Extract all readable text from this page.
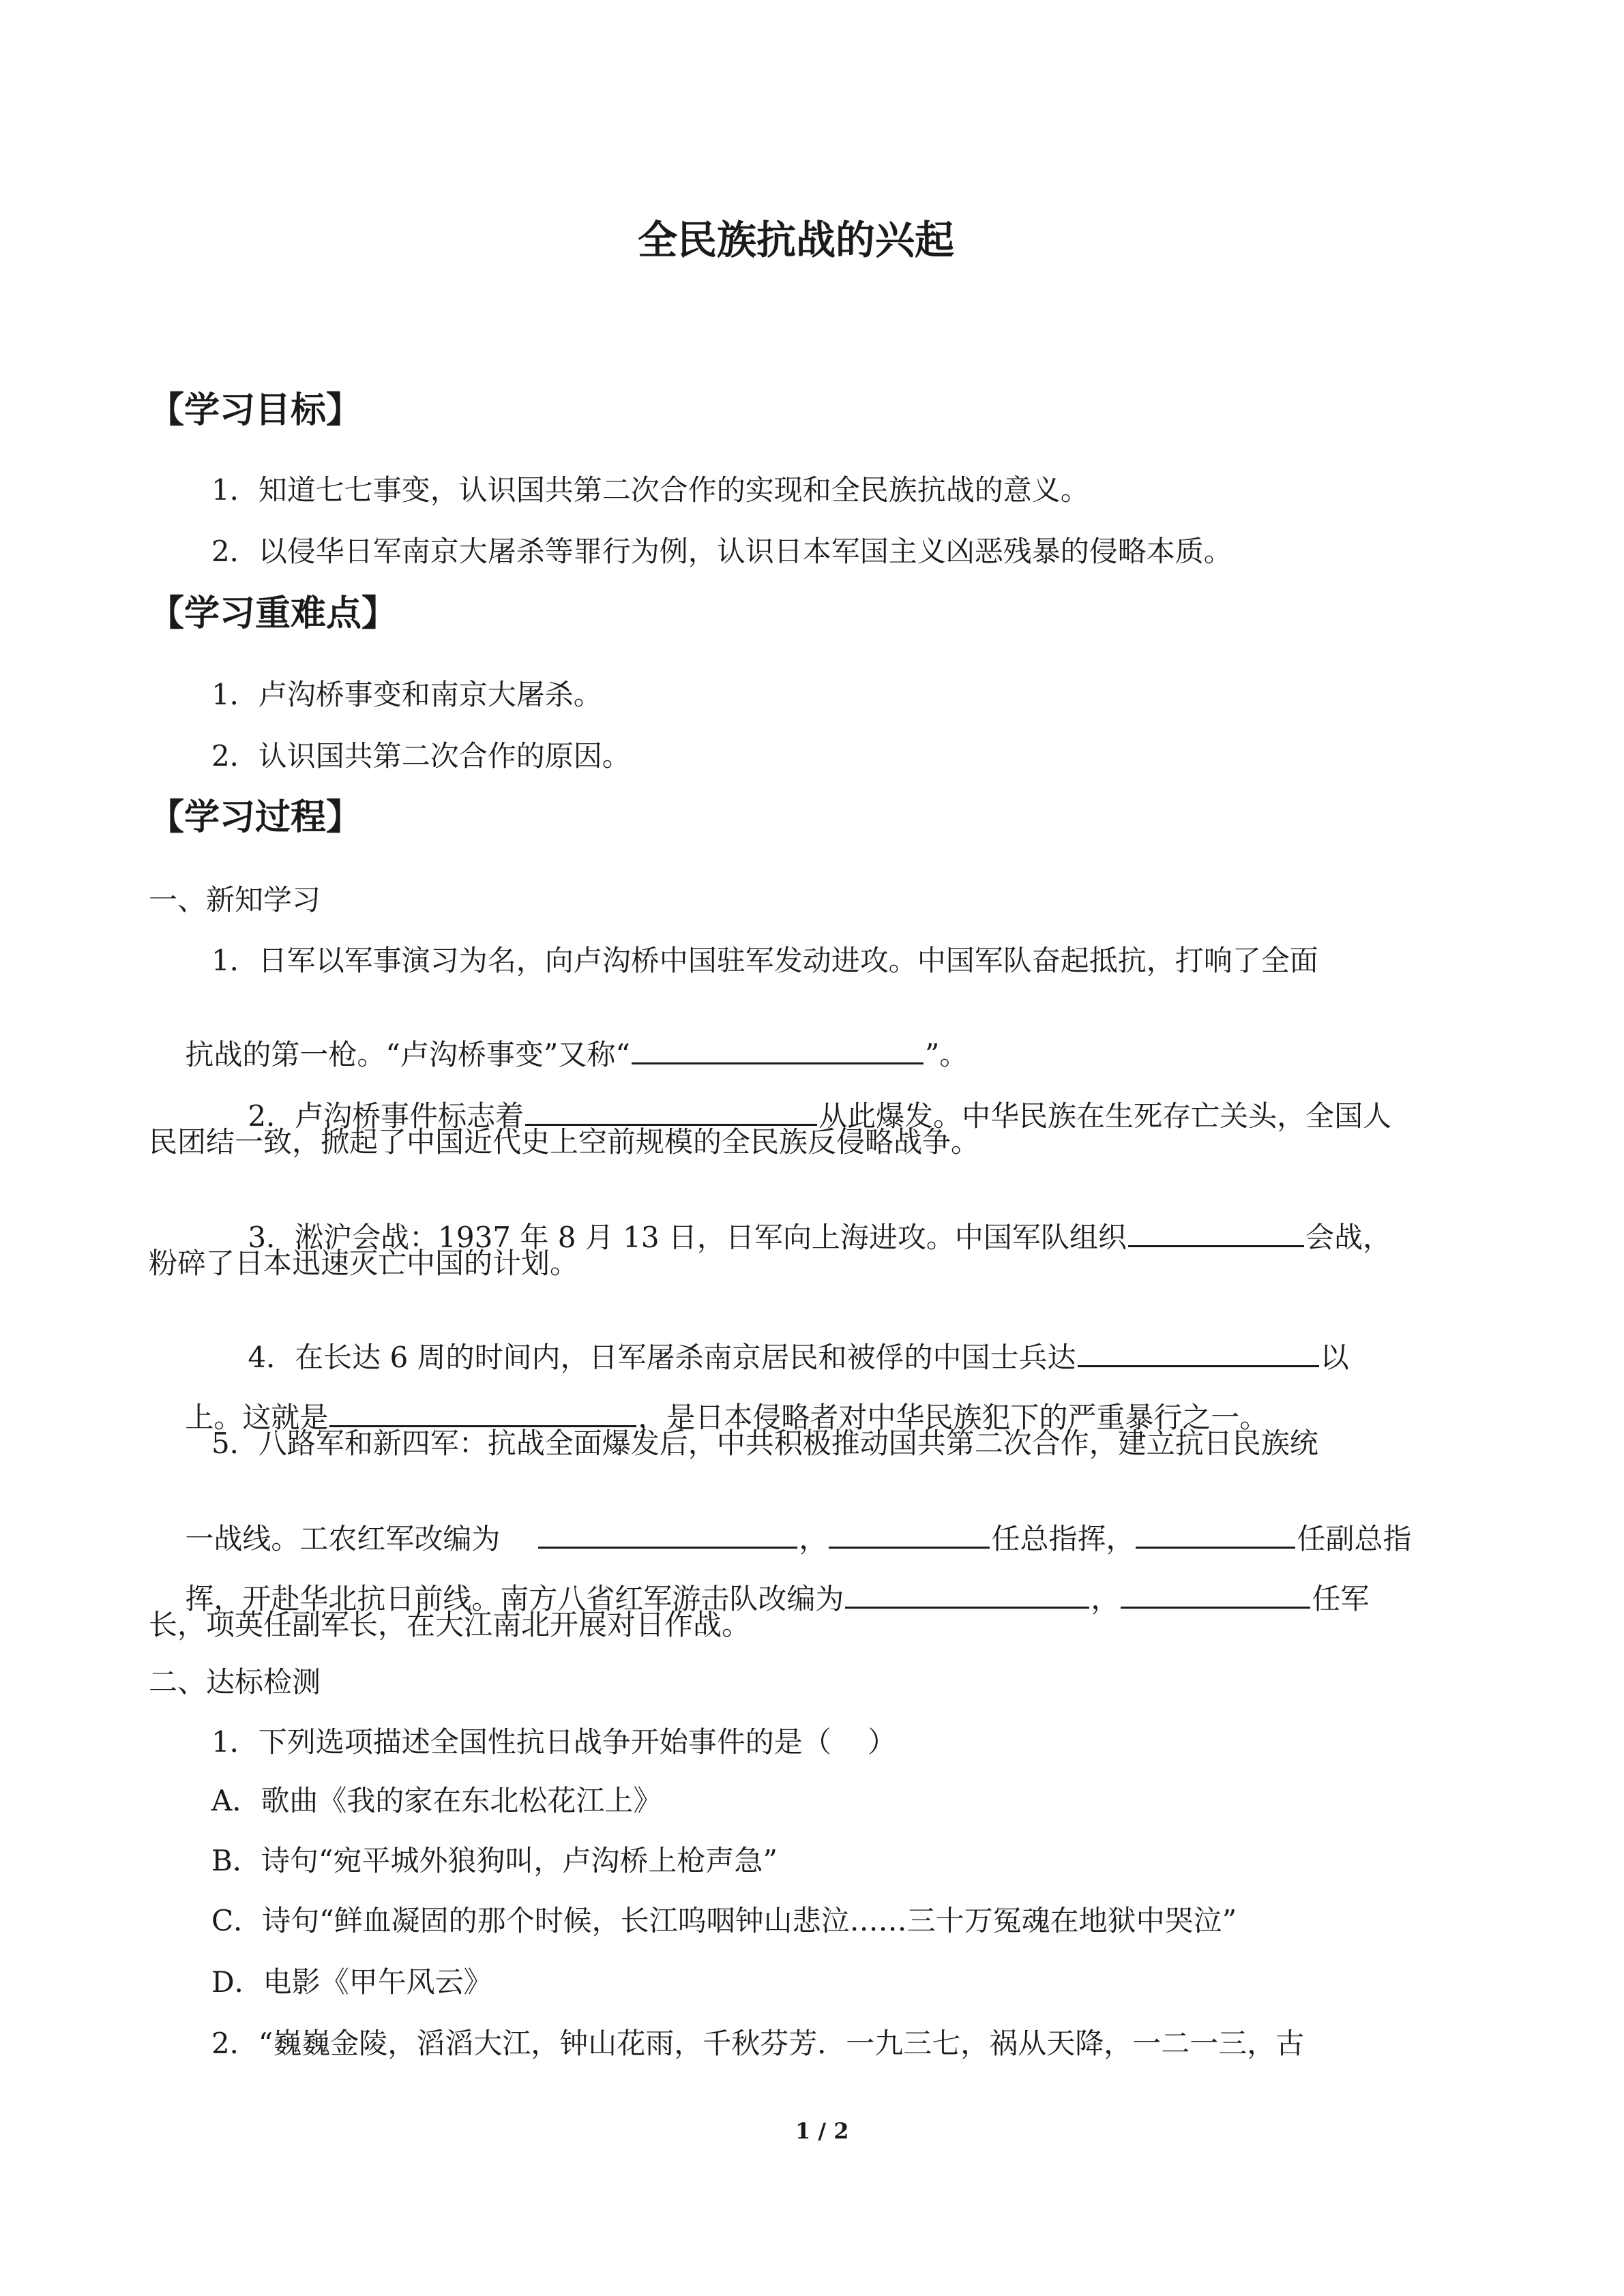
全民族抗战的兴起
【学习目标】
1．知道七七事变，认识国共第二次合作的实现和全民族抗战的意义。
2．以侵华日军南京大屠杀等罪行为例，认识日本军国主义凶恶残暴的侵略本质。
【学习重难点】
1．卢沟桥事变和南京大屠杀。
2．认识国共第二次合作的原因。
【学习过程】
一、新知学习
1．日军以军事演习为名，向卢沟桥中国驻军发动进攻。中国军队奋起抵抗，打响了全面

抗战的第一枪。“卢沟桥事变”又称“	”。

2．卢沟桥事件标志着	从此爆发。中华民族在生死存亡关头，全国人

民团结一致，掀起了中国近代史上空前规模的全民族反侵略战争。

3．淞沪会战：1937 年 8 月 13 日，日军向上海进攻。中国军队组织	会战，

粉碎了日本迅速灭亡中国的计划。

4．在长达 6 周的时间内，日军屠杀南京居民和被俘的中国士兵达	以

上。这就是	，是日本侵略者对中华民族犯下的严重暴行之一。

5．八路军和新四军：抗战全面爆发后，中共积极推动国共第二次合作，建立抗日民族统

一战线。工农红军改编为	，	任总指挥，	任副总指

挥，开赴华北抗日前线。南方八省红军游击队改编为	，	任军

长，项英任副军长，在大江南北开展对日作战。
二、达标检测
1．下列选项描述全国性抗日战争开始事件的是（    ）
A．歌曲《我的家在东北松花江上》
B．诗句“宛平城外狼狗叫，卢沟桥上枪声急”
C．诗句“鲜血凝固的那个时候，长江呜咽钟山悲泣……三十万冤魂在地狱中哭泣”
D．电影《甲午风云》
2．“巍巍金陵，滔滔大江，钟山花雨，千秋芬芳．一九三七，祸从天降，一二一三，古
1 / 2
